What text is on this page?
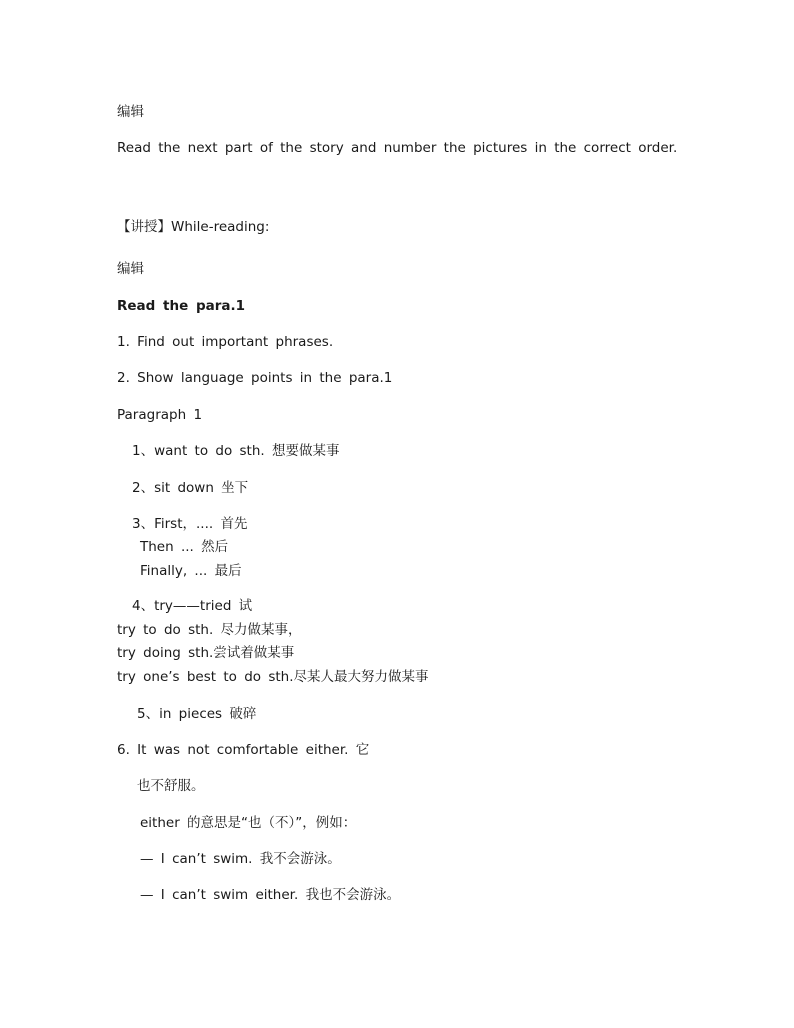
编辑
Read the next part of the story and number the pictures in the correct order.
【讲授】While-reading:
编辑
Read the para.1
1. Find out important phrases.
2. Show language points in the para.1
Paragraph 1
1、want to do sth. 想要做某事
2、sit down 坐下
3、First，.... 首先
Then ... 然后
Finally, ... 最后
4、try——tried 试
try to do sth. 尽力做某事，
try doing sth.尝试着做某事
try one’s best to do sth.尽某人最大努力做某事
5、in pieces 破碎
6. It was not comfortable either. 它
也不舒服。
either 的意思是“也（不）”，例如：
— I can’t swim. 我不会游泳。
— I can’t swim either. 我也不会游泳。
